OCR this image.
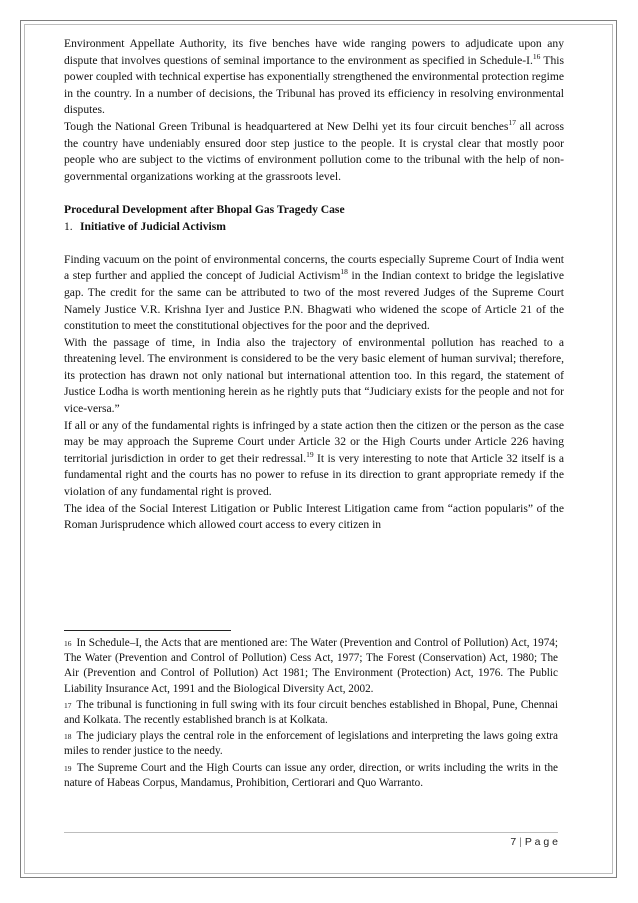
Environment Appellate Authority, its five benches have wide ranging powers to adjudicate upon any dispute that involves questions of seminal importance to the environment as specified in Schedule-I.$^{16}$ This power coupled with technical expertise has exponentially strengthened the environmental protection regime in the country. In a number of decisions, the Tribunal has proved its efficiency in resolving environmental disputes.

Tough the National Green Tribunal is headquartered at New Delhi yet its four circuit benches$^{17}$ all across the country have undeniably ensured door step justice to the people. It is crystal clear that mostly poor people who are subject to the victims of environment pollution come to the tribunal with the help of non-governmental organizations working at the grassroots level.

Procedural Development after Bhopal Gas Tragedy Case

1. Initiative of Judicial Activism

Finding vacuum on the point of environmental concerns, the courts especially Supreme Court of India went a step further and applied the concept of Judicial Activism$^{18}$ in the Indian context to bridge the legislative gap. The credit for the same can be attributed to two of the most revered Judges of the Supreme Court Namely Justice V.R. Krishna Iyer and Justice P.N. Bhagwati who widened the scope of Article 21 of the constitution to meet the constitutional objectives for the poor and the deprived.

With the passage of time, in India also the trajectory of environmental pollution has reached to a threatening level. The environment is considered to be the very basic element of human survival; therefore, its protection has drawn not only national but international attention too. In this regard, the statement of Justice Lodha is worth mentioning herein as he rightly puts that “Judiciary exists for the people and not for vice-versa.”

If all or any of the fundamental rights is infringed by a state action then the citizen or the person as the case may be may approach the Supreme Court under Article 32 or the High Courts under Article 226 having territorial jurisdiction in order to get their redressal.$^{19}$ It is very interesting to note that Article 32 itself is a fundamental right and the courts has no power to refuse in its direction to grant appropriate remedy if the violation of any fundamental right is proved.

The idea of the Social Interest Litigation or Public Interest Litigation came from “action popularis” of the Roman Jurisprudence which allowed court access to every citizen in

16 In Schedule–I, the Acts that are mentioned are: The Water (Prevention and Control of Pollution) Act, 1974; The Water (Prevention and Control of Pollution) Cess Act, 1977; The Forest (Conservation) Act, 1980; The Air (Prevention and Control of Pollution) Act 1981; The Environment (Protection) Act, 1976. The Public Liability Insurance Act, 1991 and the Biological Diversity Act, 2002.

17 The tribunal is functioning in full swing with its four circuit benches established in Bhopal, Pune, Chennai and Kolkata. The recently established branch is at Kolkata.

18 The judiciary plays the central role in the enforcement of legislations and interpreting the laws going extra miles to render justice to the needy.

19 The Supreme Court and the High Courts can issue any order, direction, or writs including the writs in the nature of Habeas Corpus, Mandamus, Prohibition, Certiorari and Quo Warranto.

7 | P a g e
